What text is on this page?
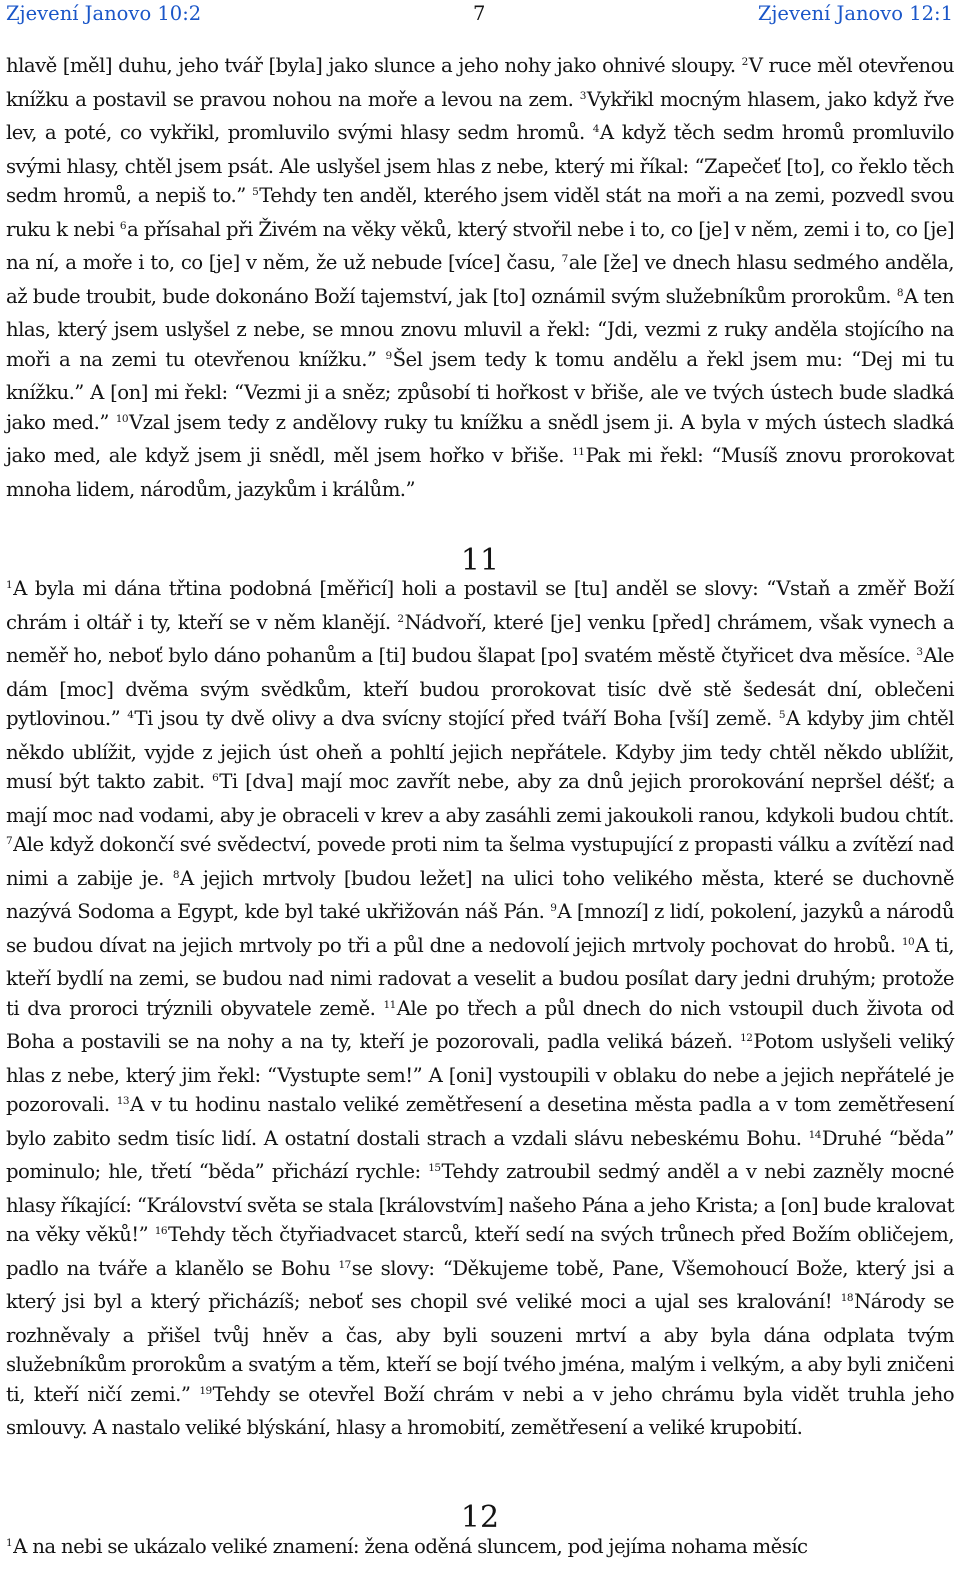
Zjevení Janovo 10:2	7	Zjevení Janovo 12:1
hlavě [měl] duhu, jeho tvář [byla] jako slunce a jeho nohy jako ohnivé sloupy. $^2$V ruce měl otevřenou knížku a postavil se pravou nohou na moře a levou na zem. $^3$Vykřikl mocným hlasem, jako když řve lev, a poté, co vykřikl, promluvilo svými hlasy sedm hromů. $^4$A když těch sedm hromů promluvilo svými hlasy, chtěl jsem psát. Ale uslyšel jsem hlas z nebe, který mi říkal: “Zapečeť [to], co řeklo těch sedm hromů, a nepiš to.” $^5$Tehdy ten anděl, kterého jsem viděl stát na moři a na zemi, pozvedl svou ruku k nebi $^6$a přísahal při Živém na věky věků, který stvořil nebe i to, co [je] v něm, zemi i to, co [je] na ní, a moře i to, co [je] v něm, že už nebude [více] času, $^7$ale [že] ve dnech hlasu sedmého anděla, až bude troubit, bude dokonáno Boží tajemství, jak [to] oznámil svým služebníkům prorokům. $^8$A ten hlas, který jsem uslyšel z nebe, se mnou znovu mluvil a řekl: “Jdi, vezmi z ruky anděla stojícího na moři a na zemi tu otevřenou knížku.” $^9$Šel jsem tedy k tomu andělu a řekl jsem mu: “Dej mi tu knížku.” A [on] mi řekl: “Vezmi ji a sněz; způsobí ti hořkost v břiše, ale ve tvých ústech bude sladká jako med.” $^{10}$Vzal jsem tedy z andělovy ruky tu knížku a snědl jsem ji. A byla v mých ústech sladká jako med, ale když jsem ji snědl, měl jsem hořko v břiše. $^{11}$Pak mi řekl: “Musíš znovu prorokovat mnoha lidem, národům, jazykům i králům.”
11
$^1$A byla mi dána třtina podobná [měřicí] holi a postavil se [tu] anděl se slovy: “Vstaň a změř Boží chrám i oltář i ty, kteří se v něm klanějí. $^2$Nádvoří, které [je] venku [před] chrámem, však vynech a neměř ho, neboť bylo dáno pohanům a [ti] budou šlapat [po] svatém městě čtyřicet dva měsíce. $^3$Ale dám [moc] dvěma svým svědkům, kteří budou prorokovat tisíc dvě stě šedesát dní, oblečeni pytlovinou.” $^4$Ti jsou ty dvě olivy a dva svícny stojící před tváří Boha [vší] země. $^5$A kdyby jim chtěl někdo ublížit, vyjde z jejich úst oheň a pohltí jejich nepřátele. Kdyby jim tedy chtěl někdo ublížit, musí být takto zabit. $^6$Ti [dva] mají moc zavřít nebe, aby za dnů jejich prorokování nepršel déšť; a mají moc nad vodami, aby je obraceli v krev a aby zasáhli zemi jakoukoli ranou, kdykoli budou chtít. $^7$Ale když dokončí své svědectví, povede proti nim ta šelma vystupující z propasti válku a zvítězí nad nimi a zabije je. $^8$A jejich mrtvoly [budou ležet] na ulici toho velikého města, které se duchovně nazývá Sodoma a Egypt, kde byl také ukřižován náš Pán. $^9$A [mnozí] z lidí, pokolení, jazyků a národů se budou dívat na jejich mrtvoly po tři a půl dne a nedovolí jejich mrtvoly pochovat do hrobů. $^{10}$A ti, kteří bydlí na zemi, se budou nad nimi radovat a veselit a budou posílat dary jedni druhým; protože ti dva proroci trýznili obyvatele země. $^{11}$Ale po třech a půl dnech do nich vstoupil duch života od Boha a postavili se na nohy a na ty, kteří je pozorovali, padla veliká bázeň. $^{12}$Potom uslyšeli veliký hlas z nebe, který jim řekl: “Vystupte sem!” A [oni] vystoupili v oblaku do nebe a jejich nepřátelé je pozorovali. $^{13}$A v tu hodinu nastalo veliké zemětřesení a desetina města padla a v tom zemětřesení bylo zabito sedm tisíc lidí. A ostatní dostali strach a vzdali slávu nebeskému Bohu. $^{14}$Druhé “běda” pominulo; hle, třetí “běda” přichází rychle: $^{15}$Tehdy zatroubil sedmý anděl a v nebi zazněly mocné hlasy říkající: “Království světa se stala [královstvím] našeho Pána a jeho Krista; a [on] bude kralovat na věky věků!” $^{16}$Tehdy těch čtyřiadvacet starců, kteří sedí na svých trůnech před Božím obličejem, padlo na tváře a klanělo se Bohu $^{17}$se slovy: “Děkujeme tobě, Pane, Všemohoucí Bože, který jsi a který jsi byl a který přicházíš; neboť ses chopil své veliké moci a ujal ses kralování! $^{18}$Národy se rozhněvaly a přišel tvůj hněv a čas, aby byli souzeni mrtví a aby byla dána odplata tvým služebníkům prorokům a svatým a těm, kteří se bojí tvého jména, malým i velkým, a aby byli zničeni ti, kteří ničí zemi.” $^{19}$Tehdy se otevřel Boží chrám v nebi a v jeho chrámu byla vidět truhla jeho smlouvy. A nastalo veliké blýskání, hlasy a hromobití, zemětřesení a veliké krupobití.
12
$^1$A na nebi se ukázalo veliké znamení: žena oděná sluncem, pod jejíma nohama měsíc
